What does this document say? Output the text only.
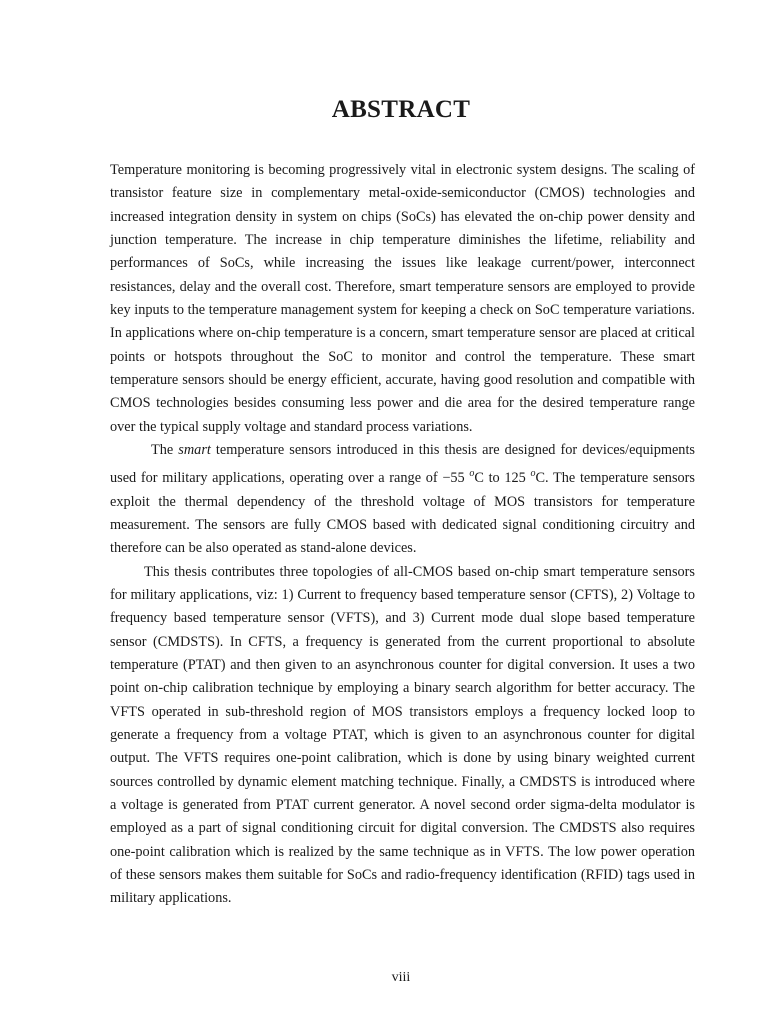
ABSTRACT

Temperature monitoring is becoming progressively vital in electronic system designs. The scaling of transistor feature size in complementary metal-oxide-semiconductor (CMOS) technologies and increased integration density in system on chips (SoCs) has elevated the on-chip power density and junction temperature. The increase in chip temperature diminishes the lifetime, reliability and performances of SoCs, while increasing the issues like leakage current/power, interconnect resistances, delay and the overall cost. Therefore, smart temperature sensors are employed to provide key inputs to the temperature management system for keeping a check on SoC temperature variations. In applications where on-chip temperature is a concern, smart temperature sensor are placed at critical points or hotspots throughout the SoC to monitor and control the temperature. These smart temperature sensors should be energy efficient, accurate, having good resolution and compatible with CMOS technologies besides consuming less power and die area for the desired temperature range over the typical supply voltage and standard process variations.

The smart temperature sensors introduced in this thesis are designed for devices/equipments used for military applications, operating over a range of −55 $^o$C to 125 $^o$C. The temperature sensors exploit the thermal dependency of the threshold voltage of MOS transistors for temperature measurement. The sensors are fully CMOS based with dedicated signal conditioning circuitry and therefore can be also operated as stand-alone devices.

This thesis contributes three topologies of all-CMOS based on-chip smart temperature sensors for military applications, viz: 1) Current to frequency based temperature sensor (CFTS), 2) Voltage to frequency based temperature sensor (VFTS), and 3) Current mode dual slope based temperature sensor (CMDSTS). In CFTS, a frequency is generated from the current proportional to absolute temperature (PTAT) and then given to an asynchronous counter for digital conversion. It uses a two point on-chip calibration technique by employing a binary search algorithm for better accuracy. The VFTS operated in sub-threshold region of MOS transistors employs a frequency locked loop to generate a frequency from a voltage PTAT, which is given to an asynchronous counter for digital output. The VFTS requires one-point calibration, which is done by using binary weighted current sources controlled by dynamic element matching technique. Finally, a CMDSTS is introduced where a voltage is generated from PTAT current generator. A novel second order sigma-delta modulator is employed as a part of signal conditioning circuit for digital conversion. The CMDSTS also requires one-point calibration which is realized by the same technique as in VFTS. The low power operation of these sensors makes them suitable for SoCs and radio-frequency identification (RFID) tags used in military applications.

viii
